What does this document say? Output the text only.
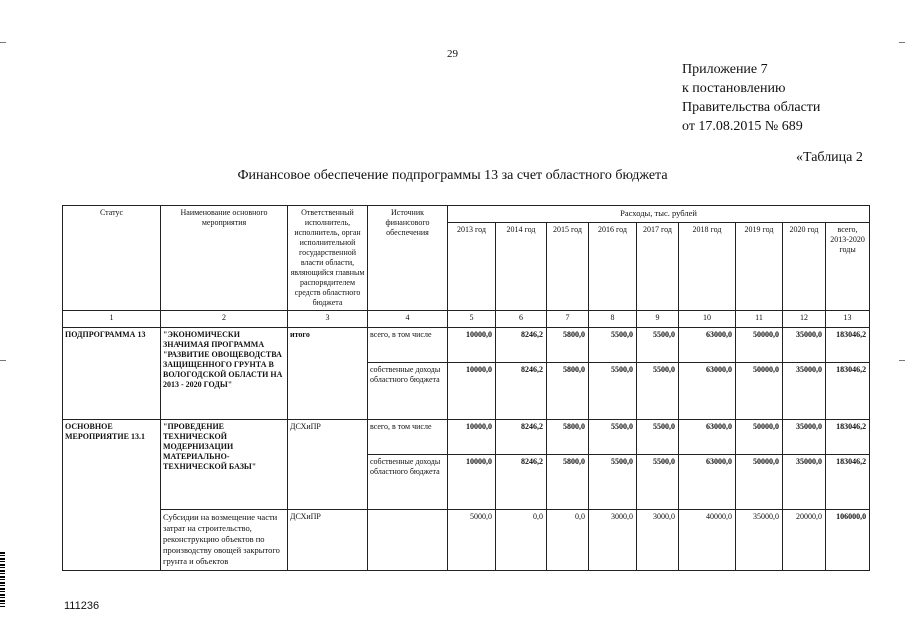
29
Приложение 7
к постановлению
Правительства области
от 17.08.2015 № 689
«Таблица 2
Финансовое обеспечение подпрограммы 13 за счет областного бюджета
Статус	Наименование основного мероприятия	Ответственный исполнитель, исполнитель, орган исполнительной государственной власти области, являющийся главным распорядителем средств областного бюджета	Источник финансового обеспечения	Расходы, тыс. рублей								
				2013 год	2014 год	2015 год	2016 год	2017 год	2018 год	2019 год	2020 год	всего, 2013-2020 годы
1	2	3	4	5	6	7	8	9	10	11	12	13
ПОДПРОГРАММА 13	"ЭКОНОМИЧЕСКИ ЗНАЧИМАЯ ПРОГРАММА "РАЗВИТИЕ ОВОЩЕВОДСТВА ЗАЩИЩЕННОГО ГРУНТА В ВОЛОГОДСКОЙ ОБЛАСТИ НА 2013 - 2020 ГОДЫ"	итого	всего, в том числе	10000,0	8246,2	5800,0	5500,0	5500,0	63000,0	50000,0	35000,0	183046,2
			собственные доходы областного бюджета	10000,0	8246,2	5800,0	5500,0	5500,0	63000,0	50000,0	35000,0	183046,2
ОСНОВНОЕ МЕРОПРИЯТИЕ 13.1	"ПРОВЕДЕНИЕ ТЕХНИЧЕСКОЙ МОДЕРНИЗАЦИИ МАТЕРИАЛЬНО-ТЕХНИЧЕСКОЙ БАЗЫ"	ДСХиПР	всего, в том числе	10000,0	8246,2	5800,0	5500,0	5500,0	63000,0	50000,0	35000,0	183046,2
			собственные доходы областного бюджета	10000,0	8246,2	5800,0	5500,0	5500,0	63000,0	50000,0	35000,0	183046,2
	Субсидии на возмещение части затрат на строительство, реконструкцию объектов по производству овощей закрытого грунта и объектов	ДСХиПР		5000,0	0,0	0,0	3000,0	3000,0	40000,0	35000,0	20000,0	106000,0
111236
